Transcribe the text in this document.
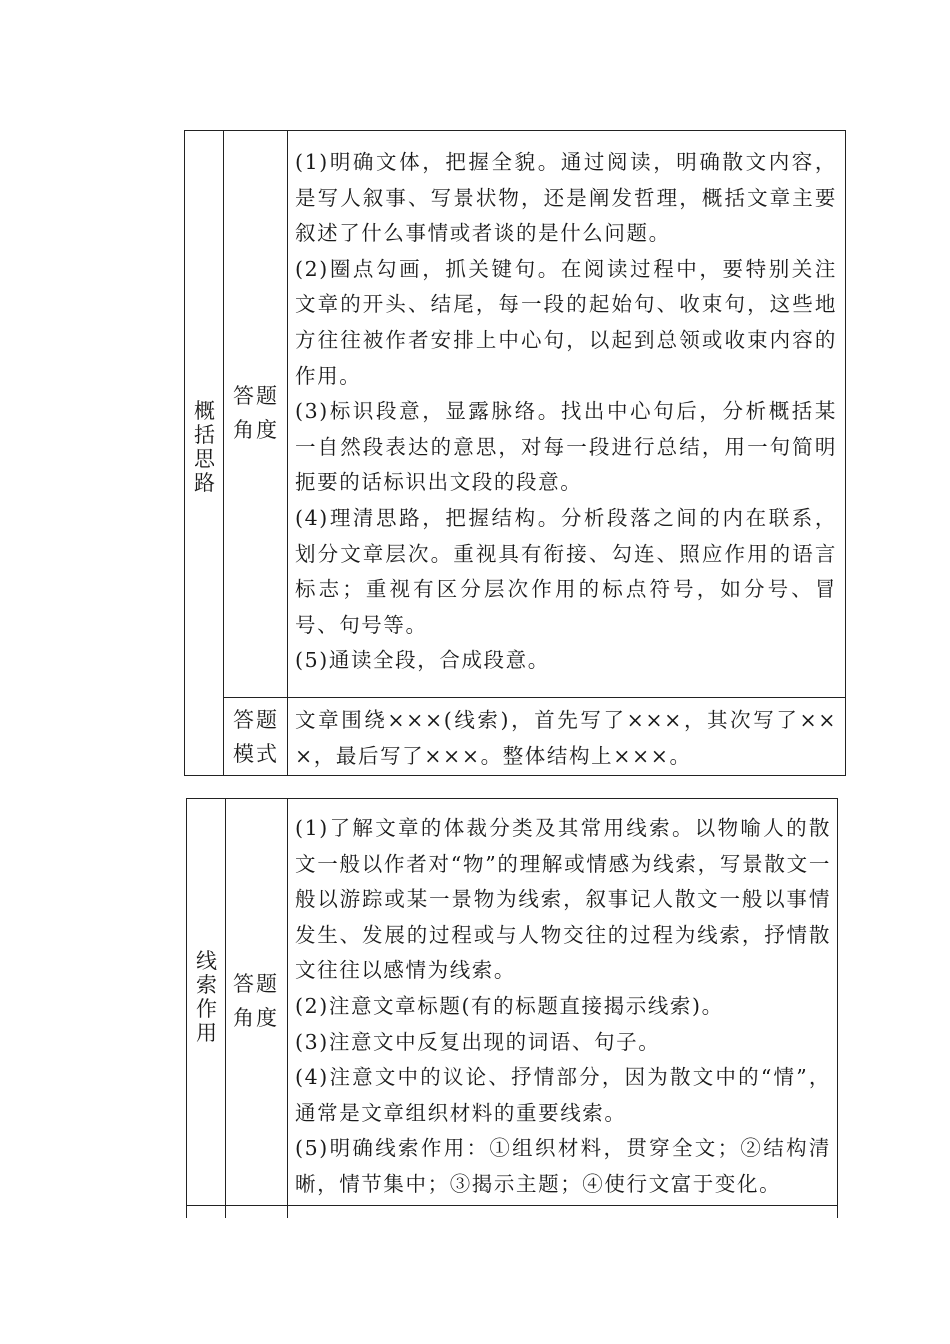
概括思路
答题角度
答题模式

(1)明确文体，把握全貌。通过阅读，明确散文内容，是写人叙事、写景状物，还是阐发哲理，概括文章主要叙述了什么事情或者谈的是什么问题。

(2)圈点勾画，抓关键句。在阅读过程中，要特别关注文章的开头、结尾，每一段的起始句、收束句，这些地方往往被作者安排上中心句，以起到总领或收束内容的作用。

(3)标识段意，显露脉络。找出中心句后，分析概括某一自然段表达的意思，对每一段进行总结，用一句简明扼要的话标识出文段的段意。

(4)理清思路，把握结构。分析段落之间的内在联系，划分文章层次。重视具有衔接、勾连、照应作用的语言标志；重视有区分层次作用的标点符号，如分号、冒号、句号等。

(5)通读全段，合成段意。

文章围绕×××(线索)，首先写了×××，其次写了×××，最后写了×××。整体结构上×××。
线索作用
答题角度

(1)了解文章的体裁分类及其常用线索。以物喻人的散文一般以作者对“物”的理解或情感为线索，写景散文一般以游踪或某一景物为线索，叙事记人散文一般以事情发生、发展的过程或与人物交往的过程为线索，抒情散文往往以感情为线索。

(2)注意文章标题(有的标题直接揭示线索)。

(3)注意文中反复出现的词语、句子。

(4)注意文中的议论、抒情部分，因为散文中的“情”，通常是文章组织材料的重要线索。

(5)明确线索作用：①组织材料，贯穿全文；②结构清晰，情节集中；③揭示主题；④使行文富于变化。
